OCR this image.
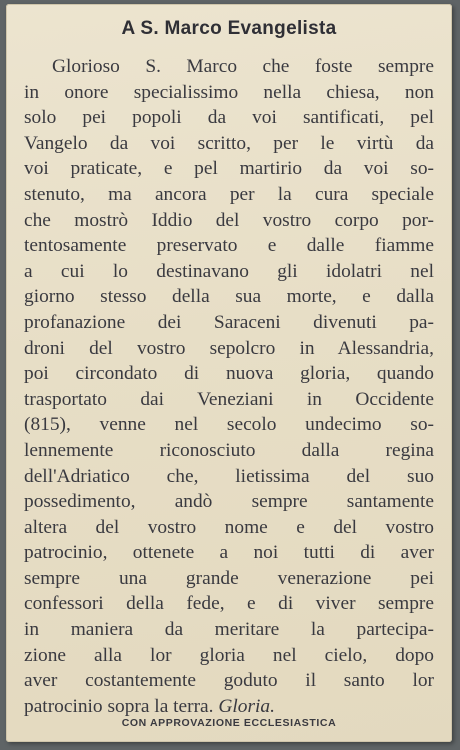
A S. Marco Evangelista
Glorioso S. Marco che foste sempre
in onore specialissimo nella chiesa, non
solo pei popoli da voi santificati, pel
Vangelo da voi scritto, per le virtù da
voi praticate, e pel martirio da voi so-
stenuto, ma ancora per la cura speciale
che mostrò Iddio del vostro corpo por-
tentosamente preservato e dalle fiamme
a cui lo destinavano gli idolatri nel
giorno stesso della sua morte, e dalla
profanazione dei Saraceni divenuti pa-
droni del vostro sepolcro in Alessandria,
poi circondato di nuova gloria, quando
trasportato dai Veneziani in Occidente
(815), venne nel secolo undecimo so-
lennemente riconosciuto dalla regina
dell'Adriatico che, lietissima del suo
possedimento, andò sempre santamente
altera del vostro nome e del vostro
patrocinio, ottenete a noi tutti di aver
sempre una grande venerazione pei
confessori della fede, e di viver sempre
in maniera da meritare la partecipa-
zione alla lor gloria nel cielo, dopo
aver costantemente goduto il santo lor
patrocinio sopra la terra. Gloria.
CON APPROVAZIONE ECCLESIASTICA
